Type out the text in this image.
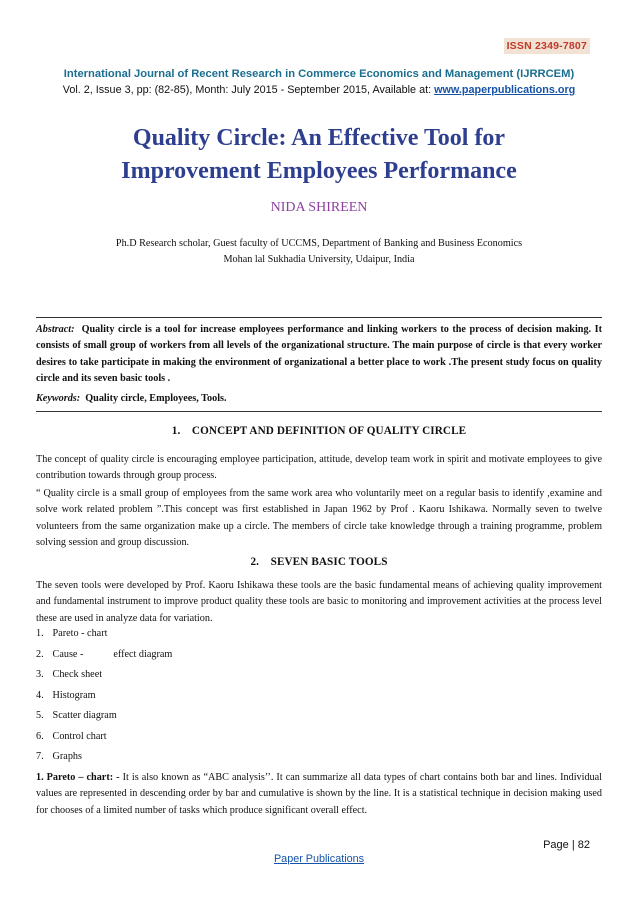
ISSN 2349-7807
International Journal of Recent Research in Commerce Economics and Management (IJRRCEM)
Vol. 2, Issue 3, pp: (82-85), Month: July 2015 - September 2015, Available at: www.paperpublications.org
Quality Circle: An Effective Tool for
Improvement Employees Performance
NIDA SHIREEN
Ph.D Research scholar, Guest faculty of UCCMS, Department of Banking and Business Economics
Mohan lal Sukhadia University, Udaipur, India

Abstract: Quality circle is a tool for increase employees performance and linking workers to the process of decision making. It consists of small group of workers from all levels of the organizational structure. The main purpose of circle is that every worker desires to take participate in making the environment of organizational a better place to work .The present study focus on quality circle and its seven basic tools .

Keywords: Quality circle, Employees, Tools.

1.    CONCEPT AND DEFINITION OF QUALITY CIRCLE

The concept of quality circle is encouraging employee participation, attitude, develop team work in spirit and motivate employees to give contribution towards through group process.

“ Quality circle is a small group of employees from the same work area who voluntarily meet on a regular basis to identify ,examine and solve work related problem ”.This concept was first established in Japan 1962 by Prof . Kaoru Ishikawa. Normally seven to twelve volunteers from the same organization make up a circle. The members of circle take knowledge through a training programme, problem solving session and group discussion.

2.    SEVEN BASIC TOOLS

The seven tools were developed by Prof. Kaoru Ishikawa these tools are the basic fundamental means of achieving quality improvement and fundamental instrument to improve product quality these tools are basic to monitoring and improvement activities at the process level these are used in analyze data for variation.

1. Pareto - chart
2. Cause -	effect diagram
3. Check sheet
4. Histogram
5. Scatter diagram
6. Control chart
7. Graphs

1. Pareto – chart: - It is also known as “ABC analysis’’. It can summarize all data types of chart contains both bar and lines. Individual values are represented in descending order by bar and cumulative is shown by the line. It is a statistical technique in decision making used for chooses of a limited number of tasks which produce significant overall effect.

Page | 82
Paper Publications
